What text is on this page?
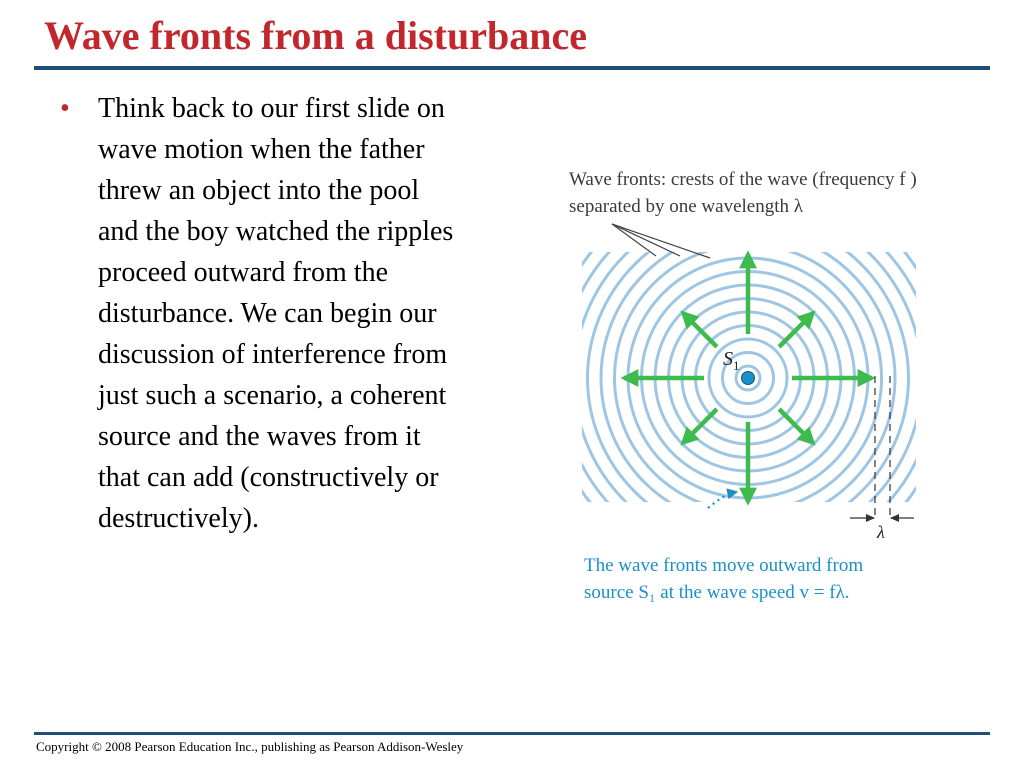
Wave fronts from a disturbance
• Think back to our first slide on
wave motion when the father
threw an object into the pool
and the boy watched the ripples
proceed outward from the
disturbance. We can begin our
discussion of interference from
just such a scenario, a coherent
source and the waves from it
that can add (constructively or
destructively).

Wave fronts: crests of the wave (frequency f )
separated by one wavelength λ
$S_1$
λ
The wave fronts move outward from
source S₁ at the wave speed v = fλ.
Copyright © 2008 Pearson Education Inc., publishing as Pearson Addison-Wesley
